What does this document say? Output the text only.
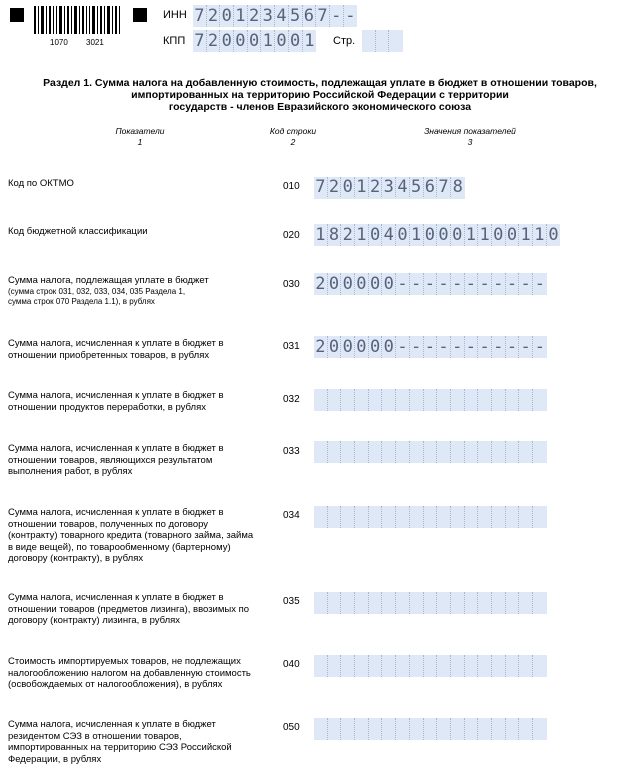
1070 3021
ИНН 7 2 0 1 2 3 4 5 6 7 - -
КПП 7 2 0 0 0 1 0 0 1 Стр.
Раздел 1. Сумма налога на добавленную стоимость, подлежащая уплате в бюджет в отношении товаров,
импортированных на территорию Российской Федерации с территории
государств - членов Евразийского экономического союза
Показатели
1
Код строки
2
Значения показателей
3
Код по ОКТМО	010 7 2 0 1 2 3 4 5 6 7 8
Код бюджетной классификации	020 1 8 2 1 0 4 0 1 0 0 0 1 1 0 0 1 1 0
Сумма налога, подлежащая уплате в бюджет
(сумма строк 031, 032, 033, 034, 035 Раздела 1, сумма строк 070 Раздела 1.1), в рублях
030 2 0 0 0 0 0 - - - - - - - - - - -
Сумма налога, исчисленная к уплате в бюджет в отношении приобретенных товаров, в рублях
031 2 0 0 0 0 0 - - - - - - - - - - -
Сумма налога, исчисленная к уплате в бюджет в отношении продуктов переработки, в рублях
032
Сумма налога, исчисленная к уплате в бюджет в отношении товаров, являющихся результатом выполнения работ, в рублях
033
Сумма налога, исчисленная к уплате в бюджет в отношении товаров, полученных по договору (контракту) товарного кредита (товарного займа, займа в виде вещей), по товарообменному (бартерному) договору (контракту), в рублях
034
Сумма налога, исчисленная к уплате в бюджет в отношении товаров (предметов лизинга), ввозимых по договору (контракту) лизинга, в рублях
035
Стоимость импортируемых товаров, не подлежащих налогообложению налогом на добавленную стоимость (освобождаемых от налогообложения), в рублях
040
Сумма налога, исчисленная к уплате в бюджет резидентом СЭЗ в отношении товаров, импортированных на территорию СЭЗ Российской Федерации, в рублях
050
